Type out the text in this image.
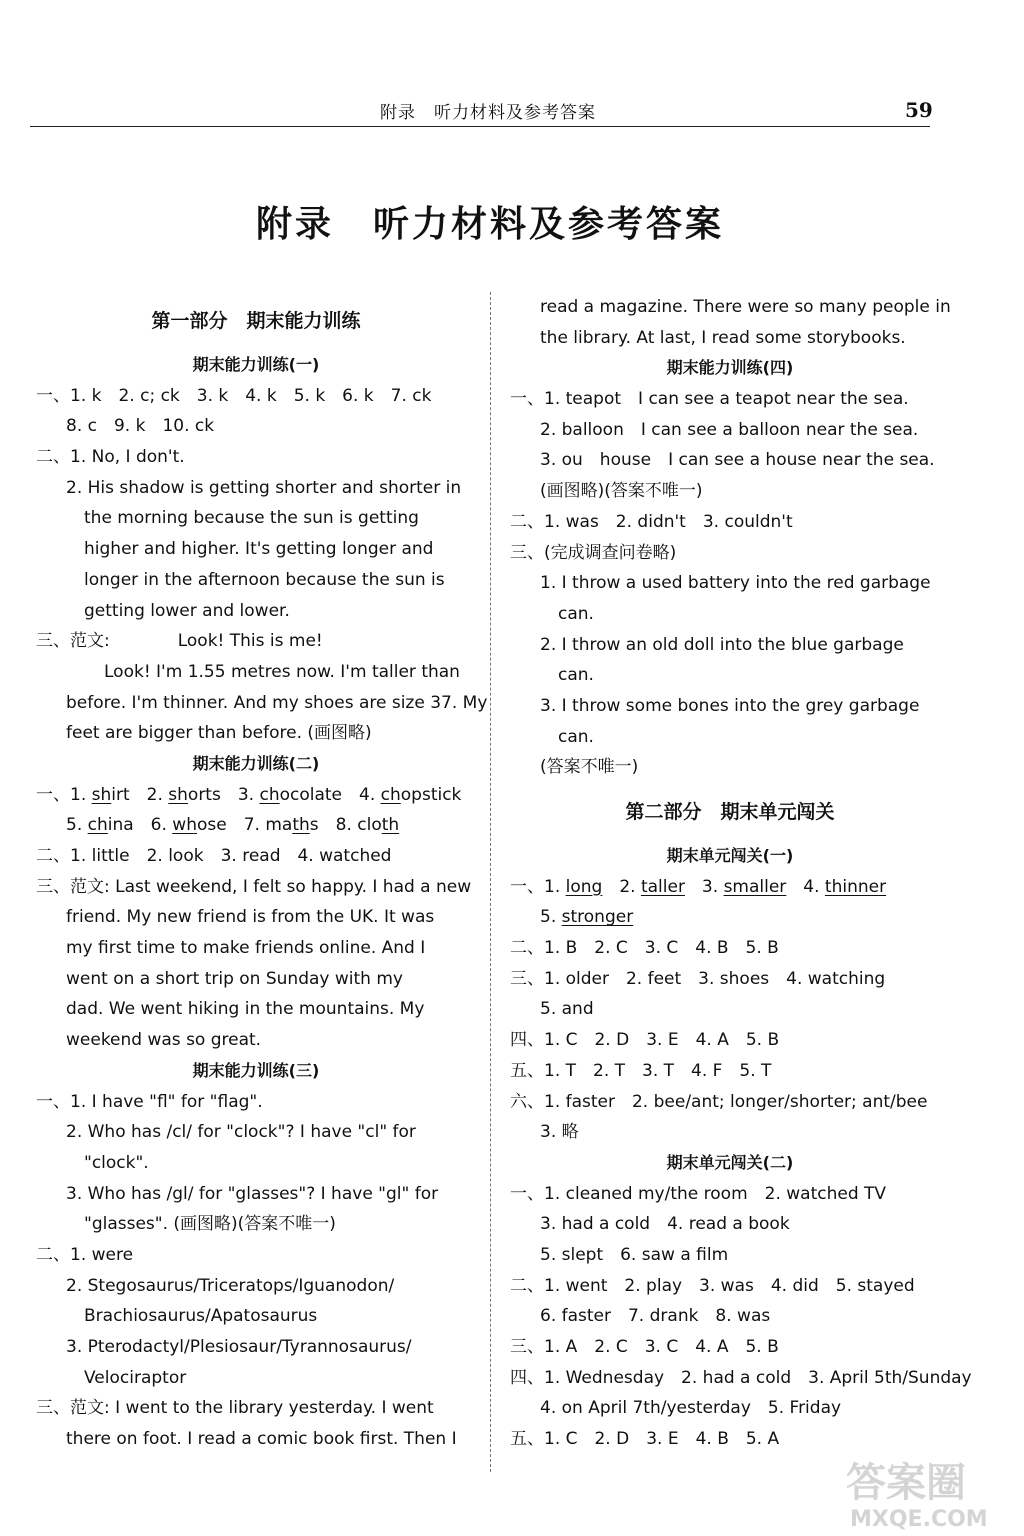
附录　听力材料及参考答案	59
附录　听力材料及参考答案
第一部分　期末能力训练
期末能力训练(一)
一、1. k　2. c; ck　3. k　4. k　5. k　6. k　7. ck
8. c　9. k　10. ck
二、1. No, I don't.
2. His shadow is getting shorter and shorter in
the morning because the sun is getting
higher and higher. It's getting longer and
longer in the afternoon because the sun is
getting lower and lower.
三、范文:　　　　Look! This is me!
Look! I'm 1.55 metres now. I'm taller than
before. I'm thinner. And my shoes are size 37. My
feet are bigger than before. (画图略)
期末能力训练(二)
一、1. shirt　2. shorts　3. chocolate　4. chopstick
5. china　6. whose　7. maths　8. cloth
二、1. little　2. look　3. read　4. watched
三、范文: Last weekend, I felt so happy. I had a new
friend. My new friend is from the UK. It was
my first time to make friends online. And I
went on a short trip on Sunday with my
dad. We went hiking in the mountains. My
weekend was so great.
期末能力训练(三)
一、1. I have "fl" for "flag".
2. Who has /cl/ for "clock"? I have "cl" for
"clock".
3. Who has /gl/ for "glasses"? I have "gl" for
"glasses". (画图略)(答案不唯一)
二、1. were
2. Stegosaurus/Triceratops/Iguanodon/
Brachiosaurus/Apatosaurus
3. Pterodactyl/Plesiosaur/Tyrannosaurus/
Velociraptor
三、范文: I went to the library yesterday. I went
there on foot. I read a comic book first. Then I
read a magazine. There were so many people in
the library. At last, I read some storybooks.
期末能力训练(四)
一、1. teapot　I can see a teapot near the sea.
2. balloon　I can see a balloon near the sea.
3. ou　house　I can see a house near the sea.
(画图略)(答案不唯一)
二、1. was　2. didn't　3. couldn't
三、(完成调查问卷略)
1. I throw a used battery into the red garbage
can.
2. I throw an old doll into the blue garbage
can.
3. I throw some bones into the grey garbage
can.
(答案不唯一)
第二部分　期末单元闯关
期末单元闯关(一)
一、1. long　2. taller　3. smaller　4. thinner
5. stronger
二、1. B　2. C　3. C　4. B　5. B
三、1. older　2. feet　3. shoes　4. watching
5. and
四、1. C　2. D　3. E　4. A　5. B
五、1. T　2. T　3. T　4. F　5. T
六、1. faster　2. bee/ant; longer/shorter; ant/bee
3. 略
期末单元闯关(二)
一、1. cleaned my/the room　2. watched TV
3. had a cold　4. read a book
5. slept　6. saw a film
二、1. went　2. play　3. was　4. did　5. stayed
6. faster　7. drank　8. was
三、1. A　2. C　3. C　4. A　5. B
四、1. Wednesday　2. had a cold　3. April 5th/Sunday
4. on April 7th/yesterday　5. Friday
五、1. C　2. D　3. E　4. B　5. A
答案圈
MXQE.COM
